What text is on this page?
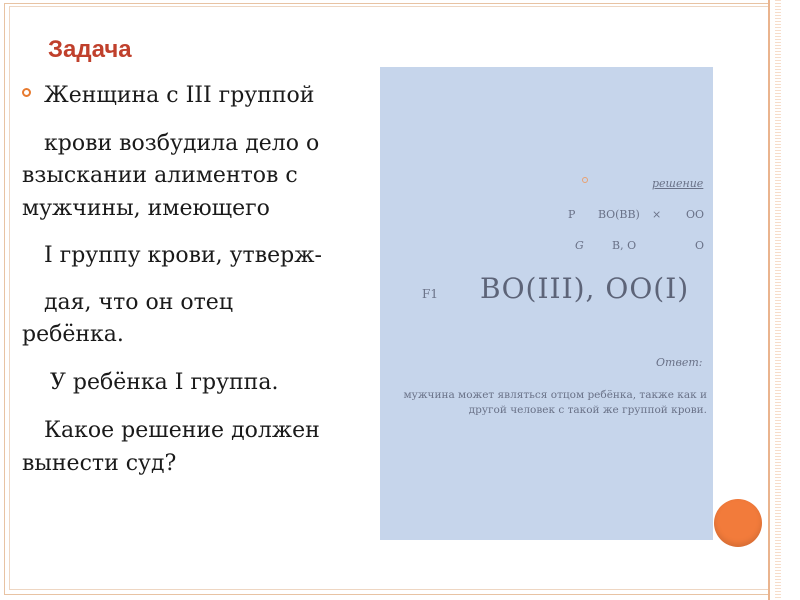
Задача

Женщина с III группой

крови возбудила дело о

взыскании алиментов с

мужчины, имеющего

I группу крови, утверж-

дая, что он отец

ребёнка.

У ребёнка I группа.

Какое решение должен

вынести суд?

решение

P ВО(ВВ) × ОО

G	В, О	О

F1 ВО(III), ОО(I)

Ответ:

мужчина может являться отцом ребёнка, также как и другой человек с такой же группой крови.
